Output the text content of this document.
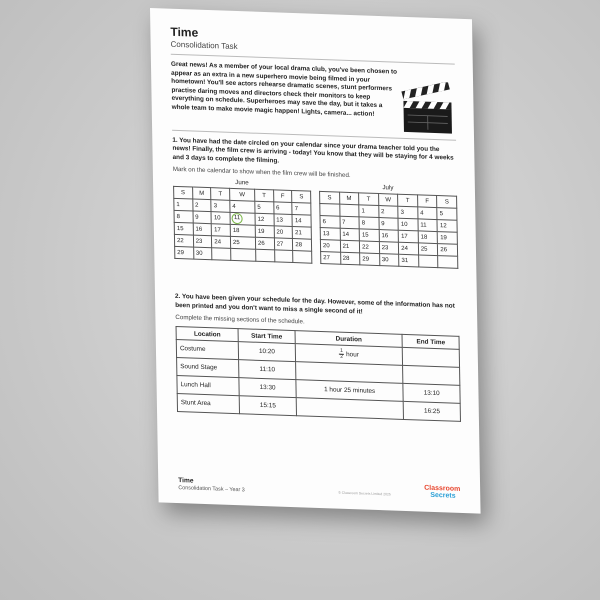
Time
Consolidation Task
Great news! As a member of your local drama club, you've been chosen to appear as an extra in a new superhero movie being filmed in your hometown! You'll see actors rehearse dramatic scenes, stunt performers practise daring moves and directors check their monitors to keep everything on schedule. Superheroes may save the day, but it takes a whole team to make movie magic happen! Lights, camera... action!
1. You have had the date circled on your calendar since your drama teacher told you the news! Finally, the film crew is arriving - today! You know that they will be staying for 4 weeks and 3 days to complete the filming.
Mark on the calendar to show when the film crew will be finished.
June
S	M	T	W	T	F	S
1	2	3	4	5	6	7
8	9	10	11	12	13	14
15	16	17	18	19	20	21
22	23	24	25	26	27	28
29	30					
July
S	M	T	W	T	F	S
		1	2	3	4	5
6	7	8	9	10	11	12
13	14	15	16	17	18	19
20	21	22	23	24	25	26
27	28	29	30	31		
2. You have been given your schedule for the day. However, some of the information has not been printed and you don't want to miss a single second of it!
Complete the missing sections of the schedule.
Location	Start Time	Duration	End Time
Costume	10:20	$\frac{1}{2}$ hour	
Sound Stage	11:10		
Lunch Hall	13:30	1 hour 25 minutes	13:10
Stunt Area	15:15		16:25
Time
Consolidation Task – Year 3
© Classroom Secrets Limited 2025
Classroom
Secrets
